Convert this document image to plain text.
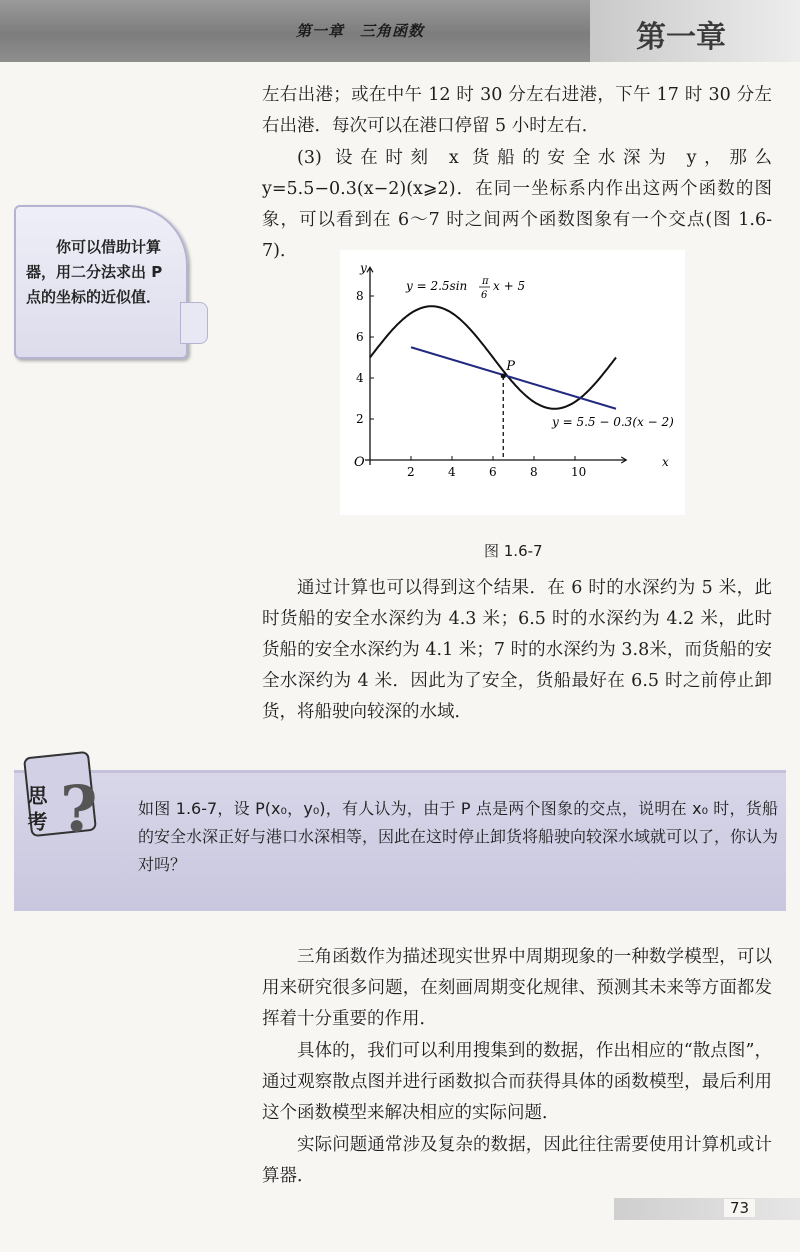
第一章　三角函数	第一章

左右出港；或在中午 12 时 30 分左右进港，下午 17 时 30 分左右出港．每次可以在港口停留 5 小时左右．

(3) 设在时刻 x 货船的安全水深为 y，那么 y=5.5−0.3(x−2)(x⩾2)．在同一坐标系内作出这两个函数的图象，可以看到在 6～7 时之间两个函数图象有一个交点(图 1.6-7)．

你可以借助计算器，用二分法求出 P 点的坐标的近似值．
2	4	6	8	10
2
4
6
8
P
O	x
y
y = 2.5sin π
6
x + 5
y = 5.5 − 0.3(x − 2)
图 1.6-7

通过计算也可以得到这个结果．在 6 时的水深约为 5 米，此时货船的安全水深约为 4.3 米；6.5 时的水深约为 4.2 米，此时货船的安全水深约为 4.1 米；7 时的水深约为 3.8米，而货船的安全水深约为 4 米．因此为了安全，货船最好在 6.5 时之前停止卸货，将船驶向较深的水域．

如图 1.6-7，设 P(x₀，y₀)，有人认为，由于 P 点是两个图象的交点，说明在 x₀ 时，货船的安全水深正好与港口水深相等，因此在这时停止卸货将船驶向较深水域就可以了，你认为对吗？
?
思考

三角函数作为描述现实世界中周期现象的一种数学模型，可以用来研究很多问题，在刻画周期变化规律、预测其未来等方面都发挥着十分重要的作用．

具体的，我们可以利用搜集到的数据，作出相应的“散点图”，通过观察散点图并进行函数拟合而获得具体的函数模型，最后利用这个函数模型来解决相应的实际问题．

实际问题通常涉及复杂的数据，因此往往需要使用计算机或计算器．

73
